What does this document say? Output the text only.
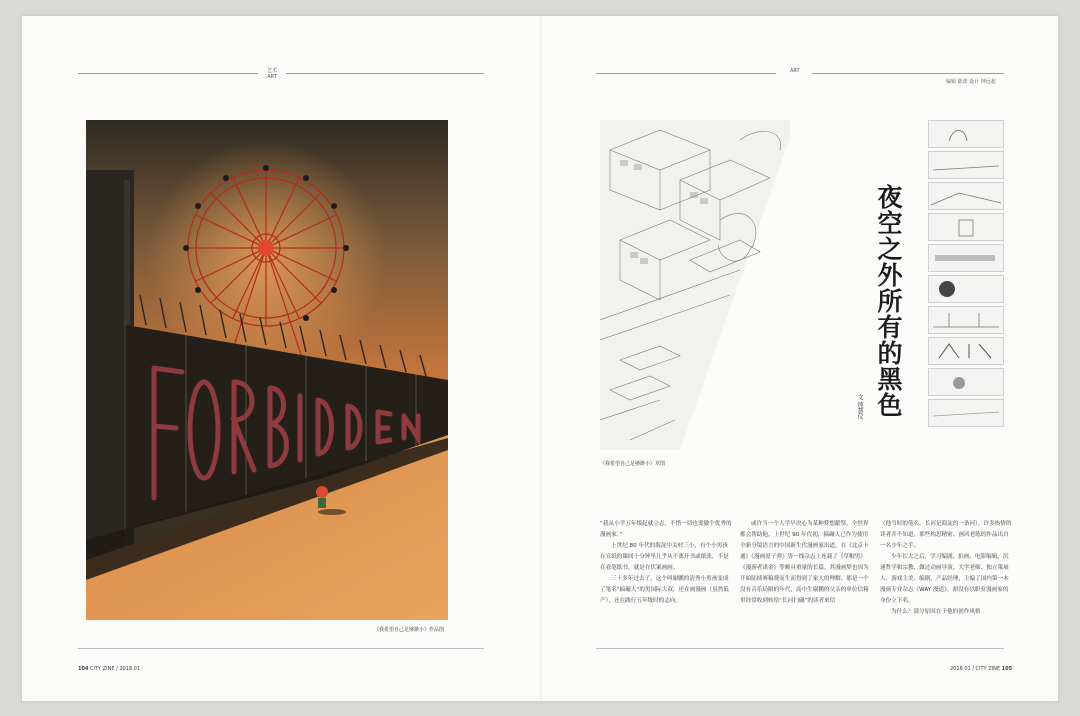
艺术
ART
《我希望自己足够渺小》作品图
104 CITY ZINE / 2018.01
ART
编辑 陈蕾 设计 钟远超
《我希望自己足够渺小》草图
夜空之外所有的黑色
文 钝慧仪

“我从小学五年级起就立志，不惜一切也要做个优秀的漫画家。”

上世纪 80 年代的海淀中关村三小，有个小男孩在宣纸的课间十分钟里几乎从不离开书或纸张，不是在看笔纸书，就是在伏案画画。

三十多年过去了，这个叫谢鹏的清秀小男孩变成了笔名“搞碾人”的男国际大叔，还在画漫画（虽然低产），还在践行五年级时的志向。

或许当一个人学早决心为某种梦想献祭，全世界都会帮助他。上世纪 90 年代初，搞碾人已作为使用全新分镜语言的中国新生代漫画家出道，在《北京卡通》《漫画原子弹》等一线杂志上连载了《草帽男》《漫游者诺金》等颇具重量的长篇。其漫画梦也因为开始陆续赛稿费而生而得到了家人的理解。那是一个没有音乐局限的年代，高中生谢鹏的父亲的单位信箱里经常收到转给“长河扫碾”的读者来信

（他当时的笔名，长河是海淀的一条河）。许多热情的读者并不知道，那些构思精密、画风老练的作品出自一名少年之手。

少年长大之后，学习编剧、拍画、电影编辑，沉迷哲学和宗教，做过动画导演、大学老师、独立策展人、游戏主美、编剧、产品经理，主编了国内第一本漫画专业杂志《WAY 漫道》，却没有以职业漫画家的身份立下名。

为什么？部分原因在于他的创作风格

2018.01 / CITY ZINE 105
